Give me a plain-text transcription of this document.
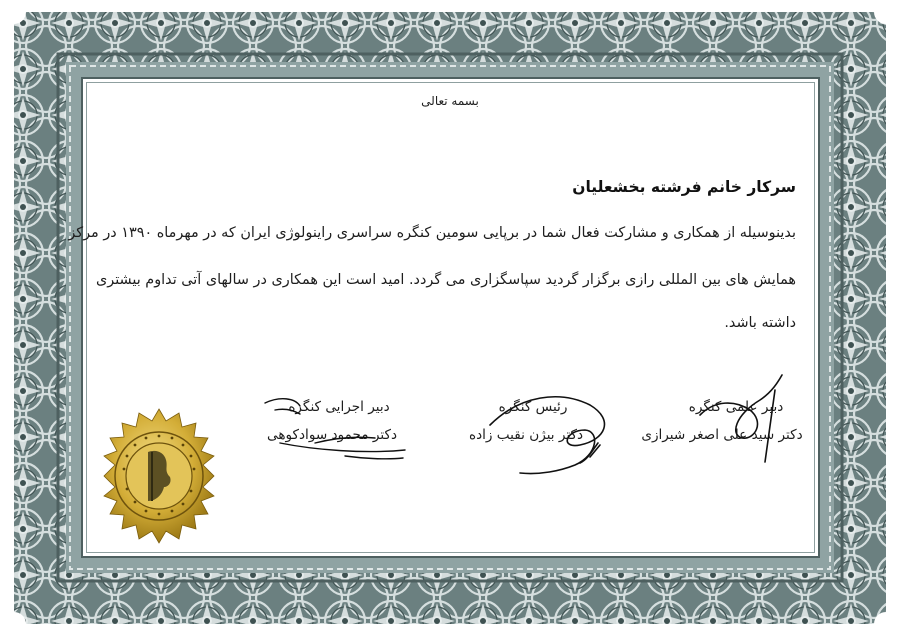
بسمه تعالی
سرکار خانم فرشته بخشعلیان
بدینوسیله از همکاری و مشارکت فعال شما در برپایی سومین کنگره سراسری راینولوژی ایران که در مهرماه ۱۳۹۰ در مرکز
همایش های بین المللی رازی برگزار گردید سپاسگزاری می گردد. امید است این همکاری در سالهای آتی تداوم بیشتری
داشته باشد.
دبیر علمی کنگره
دکتر سید علی اصغر شیرازی
رئیس کنگره
دکتر بیژن نقیب زاده
دبیر اجرایی کنگره
دکتر محمود سوادکوهی
